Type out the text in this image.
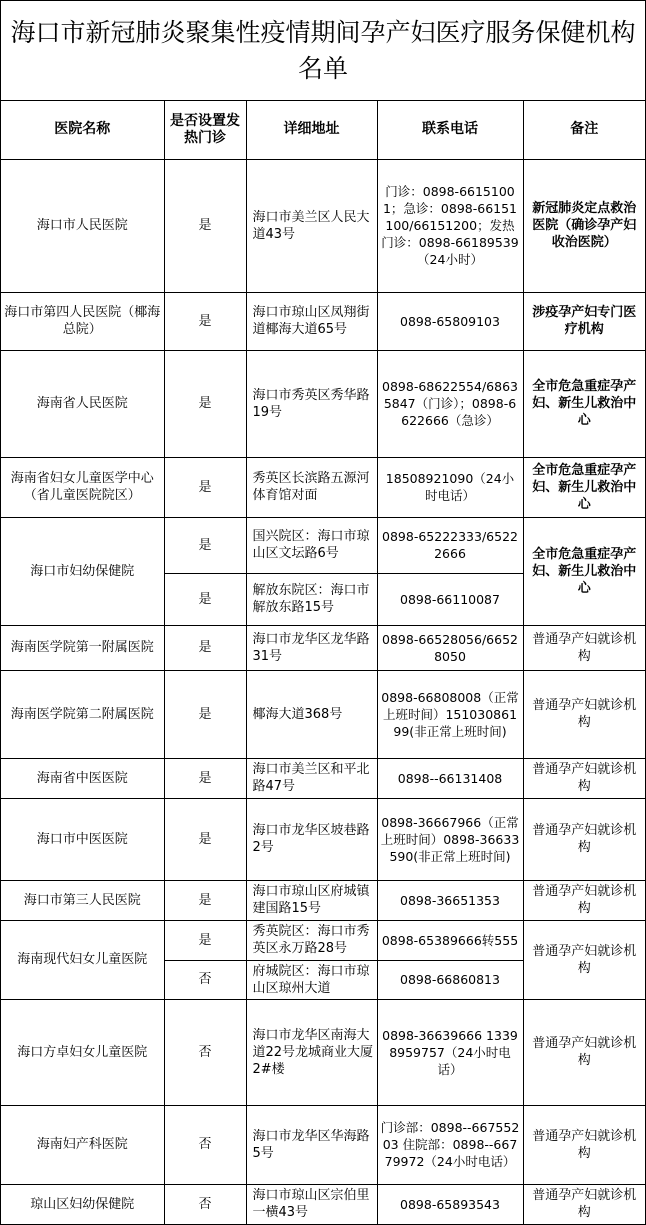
海口市新冠肺炎聚集性疫情期间孕产妇医疗服务保健机构名单
医院名称	是否设置发热门诊	详细地址	联系电话	备注
海口市人民医院	是	海口市美兰区人民大道43号	门诊：0898-66151001；急诊：0898-66151100/66151200；发热门诊：0898-66189539（24小时）	新冠肺炎定点救治医院（确诊孕产妇收治医院）
海口市第四人民医院（椰海总院）	是	海口市琼山区凤翔街道椰海大道65号	0898-65809103	涉疫孕产妇专门医疗机构
海南省人民医院	是	海口市秀英区秀华路19号	0898-68622554/68635847（门诊）；0898-6622666（急诊）	全市危急重症孕产妇、新生儿救治中心
海南省妇女儿童医学中心（省儿童医院院区）	是	秀英区长滨路五源河体育馆对面	18508921090（24小时电话）	全市危急重症孕产妇、新生儿救治中心
海口市妇幼保健院	是	国兴院区：海口市琼山区文坛路6号	0898-65222333/65222666	全市危急重症孕产妇、新生儿救治中心
	是	解放东院区：海口市解放东路15号	0898-66110087	
海南医学院第一附属医院	是	海口市龙华区龙华路31号	0898-66528056/66528050	普通孕产妇就诊机构
海南医学院第二附属医院	是	椰海大道368号	0898-66808008（正常上班时间）15103086199(非正常上班时间)	普通孕产妇就诊机构
海南省中医医院	是	海口市美兰区和平北路47号	0898--66131408	普通孕产妇就诊机构
海口市中医医院	是	海口市龙华区坡巷路2号	0898-36667966（正常上班时间）0898-36633590(非正常上班时间)	普通孕产妇就诊机构
海口市第三人民医院	是	海口市琼山区府城镇建国路15号	0898-36651353	普通孕产妇就诊机构
海南现代妇女儿童医院	是	秀英院区：海口市秀英区永万路28号	0898-65389666转555	普通孕产妇就诊机构
	否	府城院区：海口市琼山区琼州大道	0898-66860813	
海口方卓妇女儿童医院	否	海口市龙华区南海大道22号龙城商业大厦2#楼	0898-36639666 13398959757（24小时电话）	普通孕产妇就诊机构
海南妇产科医院	否	海口市龙华区华海路5号	门诊部：0898--66755203 住院部：0898--66779972（24小时电话）	普通孕产妇就诊机构
琼山区妇幼保健院	否	海口市琼山区宗伯里一横43号	0898-65893543	普通孕产妇就诊机构
